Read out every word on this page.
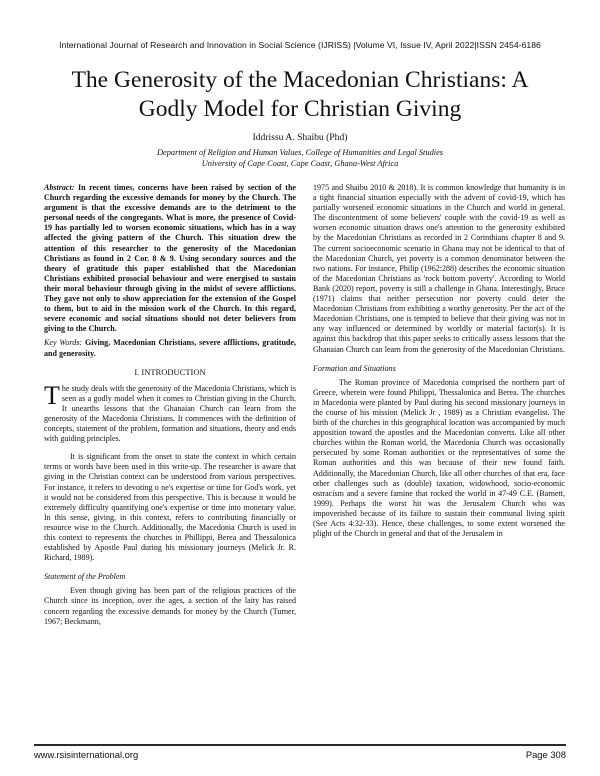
International Journal of Research and Innovation in Social Science (IJRISS) |Volume VI, Issue IV, April 2022|ISSN 2454-6186
The Generosity of the Macedonian Christians: A Godly Model for Christian Giving
Iddrissu A. Shaibu (Phd)
Department of Religion and Human Values, College of Humanities and Legal Studies
University of Cape Coast, Cape Coast, Ghana-West Africa

Abstract: In recent times, concerns have been raised by section of the Church regarding the excessive demands for money by the Church. The argument is that the excessive demands are to the detriment to the personal needs of the congregants. What is more, the presence of Covid-19 has partially led to worsen economic situations, which has in a way affected the giving pattern of the Church. This situation drew the attention of this researcher to the generosity of the Macedonian Christians as found in 2 Cor. 8 & 9. Using secondary sources and the theory of gratitude this paper established that the Macedonian Christians exhibited prosocial behaviour and were energised to sustain their moral behaviour through giving in the midst of severe afflictions. They gave not only to show appreciation for the extension of the Gospel to them, but to aid in the mission work of the Church. In this regard, severe economic and social situations should not deter believers from giving to the Church.

Key Words: Giving, Macedonian Christians, severe afflictions, gratitude, and generosity.

I. INTRODUCTION

The study deals with the generosity of the Macedonia Christians, which is seen as a godly model when it comes to Christian giving in the Church. It unearths lessons that the Ghanaian Church can learn from the generosity of the Macedonia Christians. It commences with the definition of concepts, statement of the problem, formation and situations, theory and ends with guiding principles.

It is significant from the onset to state the context in which certain terms or words have been used in this write-up. The researcher is aware that giving in the Christian context can be understood from various perspectives. For instance, it refers to devoting o ne's expertise or time for God's work, yet it would not be considered from this perspective. This is because it would be extremely difficulty quantifying one's expertise or time into monetary value. In this sense, giving, in this context, refers to contributing financially or resource wise to the Church. Additionally, the Macedonia Church is used in this context to represents the churches in Phillippi, Berea and Thessalonica established by Apostle Paul during his missionary journeys (Melick Jr. R. Richard, 1989).

Statement of the Problem

Even though giving has been part of the religious practices of the Church since its inception, over the ages, a section of the laity has raised concern regarding the excessive demands for money by the Church (Turner, 1967; Beckmann,

1975 and Shaibu 2010 & 2018). It is common knowledge that humanity is in a tight financial situation especially with the advent of covid-19, which has partially worsened economic situations in the Church and world in general. The discontentment of some believers' couple with the covid-19 as well as worsen economic situation draws one's attention to the generosity exhibited by the Macedonian Christians as recorded in 2 Corinthians chapter 8 and 9. The current socioeconomic scenario in Ghana may not be identical to that of the Macedonian Church, yet poverty is a common denominator between the two nations. For instance, Philip (1962:288) describes the economic situation of the Macedonian Christians as 'rock bottom poverty'. According to World Bank (2020) report, poverty is still a challenge in Ghana. Interestingly, Bruce (1971) claims that neither persecution nor poverty could deter the Macedonian Christians from exhibiting a worthy generosity. Per the act of the Macedonian Christians, one is tempted to believe that their giving was not in any way influenced or determined by worldly or material factor(s). It is against this backdrop that this paper seeks to critically assess lessons that the Ghanaian Church can learn from the generosity of the Macedonian Christians.

Formation and Situations

The Roman province of Macedonia comprised the northern part of Greece, wherein were found Philippi, Thessalonica and Berea. The churches in Macedonia were planted by Paul during his second missionary journeys in the course of his mission (Melick Jr , 1989) as a Christian evangelist. The birth of the churches in this geographical location was accompanied by much apposition toward the apostles and the Macedonian converts. Like all other churches within the Roman world, the Macedonia Church was occasionally persecuted by some Roman authorities or the representatives of some the Roman authorities and this was because of their new found faith. Additionally, the Macedonian Church, like all other churches of that era, face other challenges such as (double) taxation, widowhood, socio-economic ostracism and a severe famine that rocked the world in 47-49 C.E. (Barnett, 1999). Perhaps the worst hit was the Jerusalem Church who was impoverished because of its failure to sustain their communal living spirit (See Acts 4:32-33). Hence, these challenges, to some extent worsened the plight of the Church in general and that of the Jerusalem in

www.rsisinternational.org	Page 308
